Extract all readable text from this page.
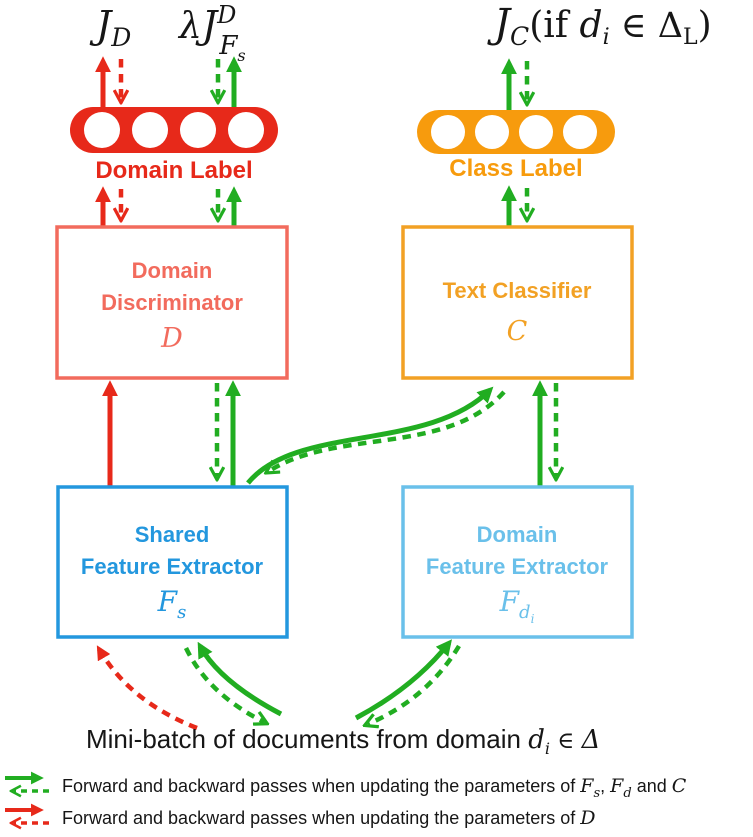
$J_D$ $\lambda J^D$ Fs
$J_C(if$ di ∈ ΔL)
Domain Label	Class Label
Domain
Discriminator
D
Text Classifier
C
Shared
Feature Extractor
$F_s$
Domain
Feature Extractor
$F_di$
Mini-batch of documents from domain $d_i$ ∈ Δ
Forward and backward passes when updating the parameters of $F_s$, $F_d$ and C
Forward and backward passes when updating the parameters of D
